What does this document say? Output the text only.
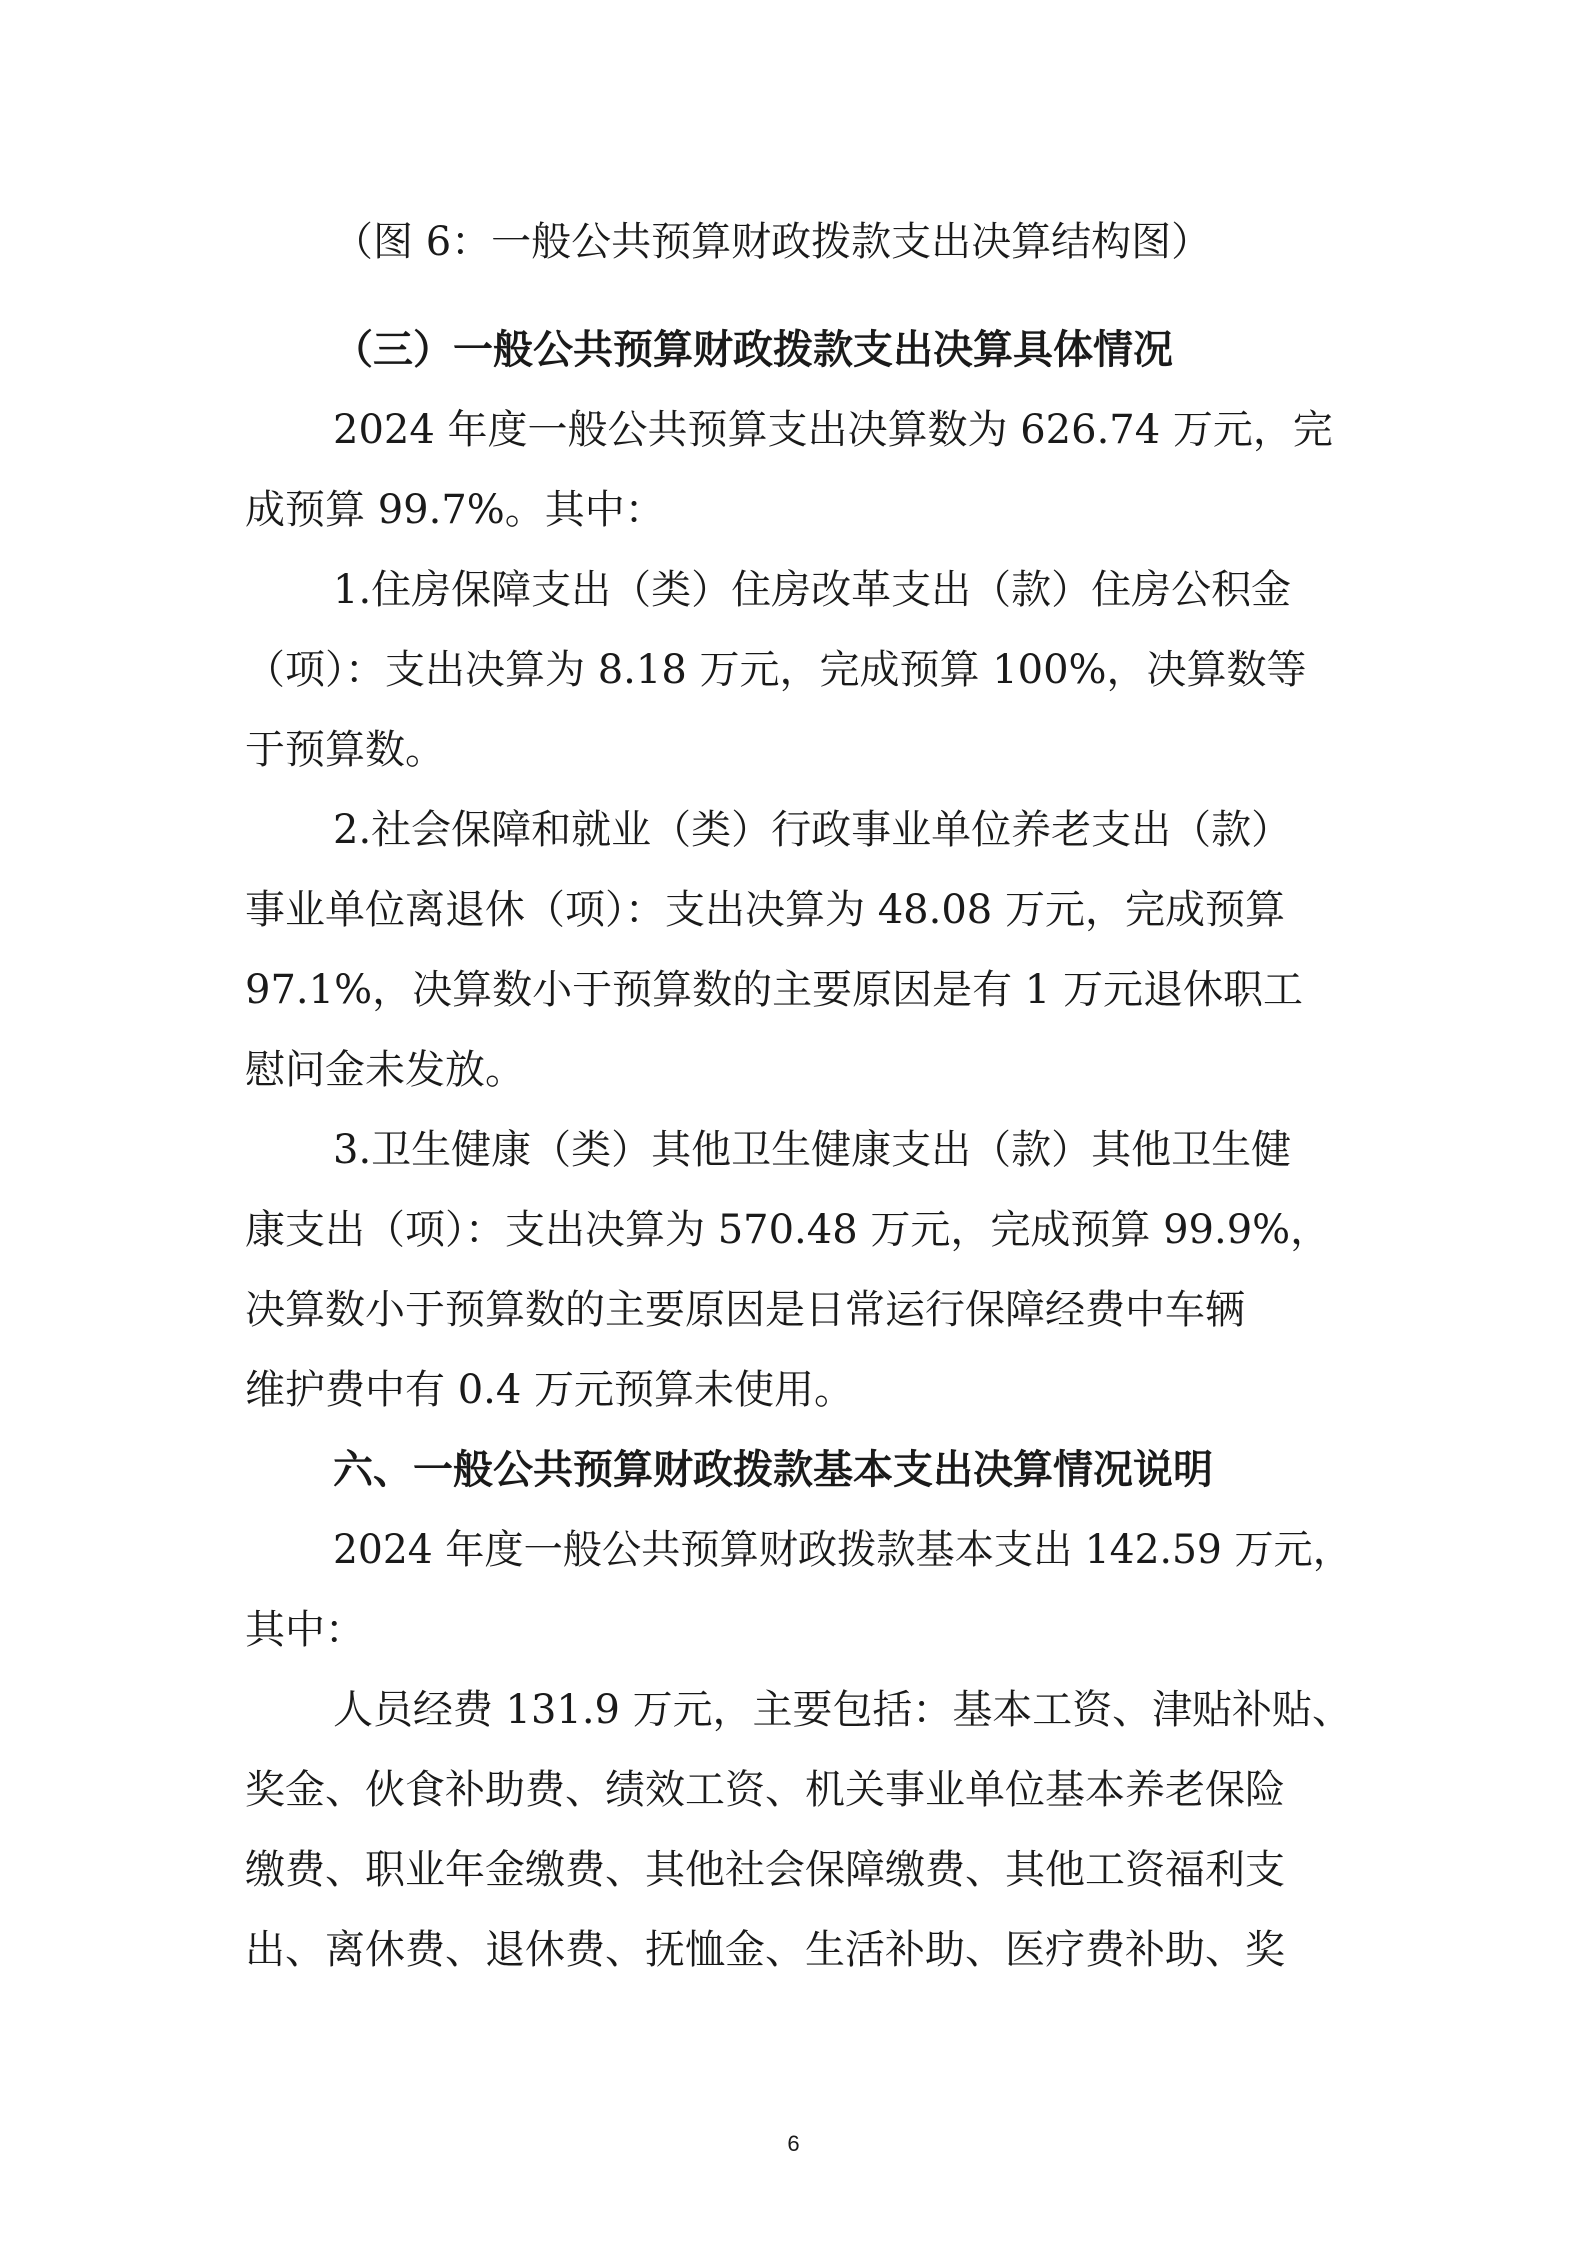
（图 6：一般公共预算财政拨款支出决算结构图）

（三）一般公共预算财政拨款支出决算具体情况

2024 年度一般公共预算支出决算数为 626.74 万元，完

成预算 99.7%。其中：

1.住房保障支出（类）住房改革支出（款）住房公积金

（项）：支出决算为 8.18 万元，完成预算 100%，决算数等

于预算数。

2.社会保障和就业（类）行政事业单位养老支出（款）

事业单位离退休（项）：支出决算为 48.08 万元，完成预算

97.1%，决算数小于预算数的主要原因是有 1 万元退休职工

慰问金未发放。

3.卫生健康（类）其他卫生健康支出（款）其他卫生健

康支出（项）：支出决算为 570.48 万元，完成预算 99.9%，

决算数小于预算数的主要原因是日常运行保障经费中车辆

维护费中有 0.4 万元预算未使用。

六、一般公共预算财政拨款基本支出决算情况说明

2024 年度一般公共预算财政拨款基本支出 142.59 万元，

其中：

人员经费 131.9 万元，主要包括：基本工资、津贴补贴、

奖金、伙食补助费、绩效工资、机关事业单位基本养老保险

缴费、职业年金缴费、其他社会保障缴费、其他工资福利支

出、离休费、退休费、抚恤金、生活补助、医疗费补助、奖

6
